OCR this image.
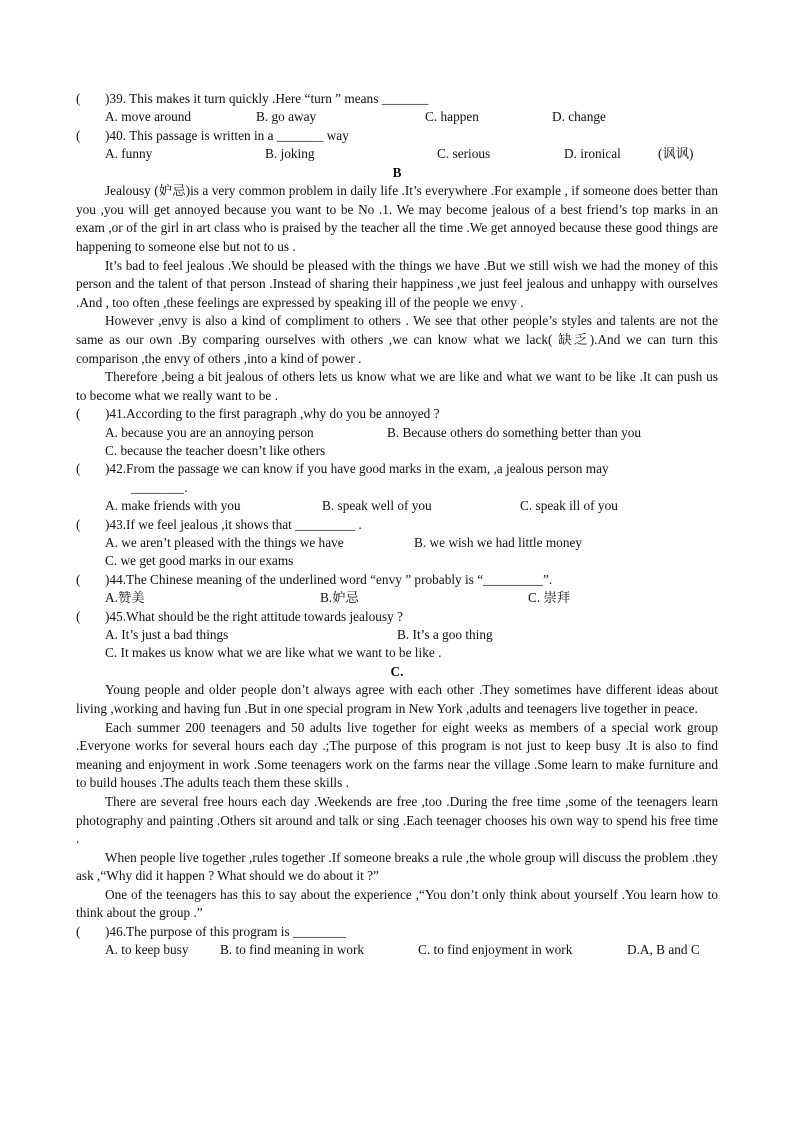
( )39. This makes it turn quickly .Here “turn ” means _______
A. move around	B. go away	C. happen	D. change
( )40. This passage is written in a _______ way
A. funny	B. joking	C. serious	D. ironical	(讽讽)
B

Jealousy (妒忌)is a very common problem in daily life .It’s everywhere .For example , if someone does better than you ,you will get annoyed because you want to be No .1. We may become jealous of a best friend’s top marks in an exam ,or of the girl in art class who is praised by the teacher all the time .We get annoyed because these good things are happening to someone else but not to us .

It’s bad to feel jealous .We should be pleased with the things we have .But we still wish we had the money of this person and the talent of that person .Instead of sharing their happiness ,we just feel jealous and unhappy with ourselves .And , too often ,these feelings are expressed by speaking ill of the people we envy .

However ,envy is also a kind of compliment to others . We see that other people’s styles and talents are not the same as our own .By comparing ourselves with others ,we can know what we lack( 缺乏).And we can turn this comparison ,the envy of others ,into a kind of power .

Therefore ,being a bit jealous of others lets us know what we are like and what we want to be like .It can push us to become what we really want to be .

( )41.According to the first paragraph ,why do you be annoyed ?
A. because you are an annoying person	B. Because others do something better than you
C. because the teacher doesn’t like others
( )42.From the passage we can know if you have good marks in the exam, ,a jealous person may
________.
A. make friends with you	B. speak well of you	C. speak ill of you
( )43.If we feel jealous ,it shows that _________ .
A. we aren’t pleased with the things we have	B. we wish we had little money
C. we get good marks in our exams
( )44.The Chinese meaning of the underlined word “envy ” probably is “_________”.
A.赞美	B.妒忌	C. 崇拜
( )45.What should be the right attitude towards jealousy ?
A. It’s just a bad things	B. It’s a goo thing
C. It makes us know what we are like what we want to be like .
C.

Young people and older people don’t always agree with each other .They sometimes have different ideas about living ,working and having fun .But in one special program in New York ,adults and teenagers live together in peace.

Each summer 200 teenagers and 50 adults live together for eight weeks as members of a special work group .Everyone works for several hours each day .;The purpose of this program is not just to keep busy .It is also to find meaning and enjoyment in work .Some teenagers work on the farms near the village .Some learn to make furniture and to build houses .The adults teach them these skills .

There are several free hours each day .Weekends are free ,too .During the free time ,some of the teenagers learn photography and painting .Others sit around and talk or sing .Each teenager chooses his own way to spend his free time .

When people live together ,rules together .If someone breaks a rule ,the whole group will discuss the problem .they ask ,“Why did it happen ? What should we do about it ?”

One of the teenagers has this to say about the experience ,“You don’t only think about yourself .You learn how to think about the group .”

( )46.The purpose of this program is ________
A. to keep busy B. to find meaning in work	C. to find enjoyment in work	D.A, B and C
